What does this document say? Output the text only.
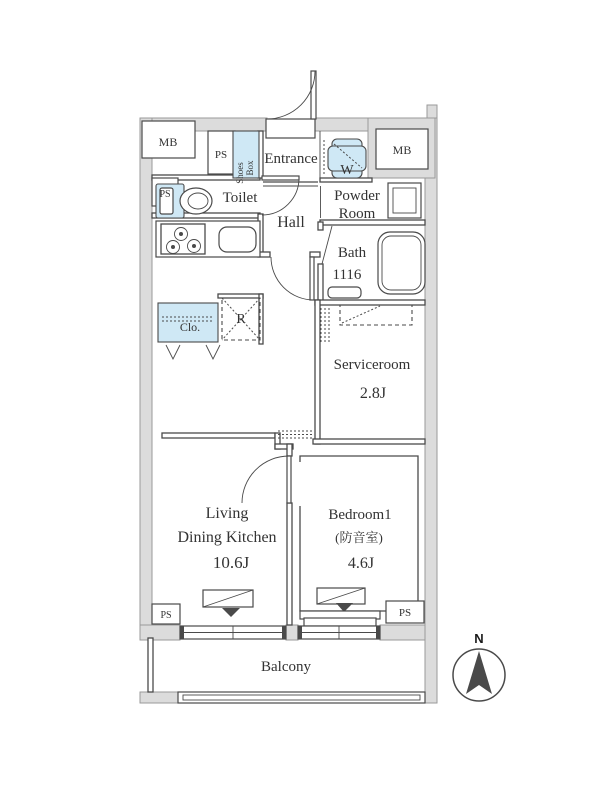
MB
PS	MB
PS
PS	PS
Shoes Box
Entrance
W
Toilet
Hall
Powder
Room
Bath
1116
Clo.	R
Serviceroom
2.8J
Living
Dining Kitchen
10.6J
Bedroom1
(防音室)
4.6J
Balcony
N
